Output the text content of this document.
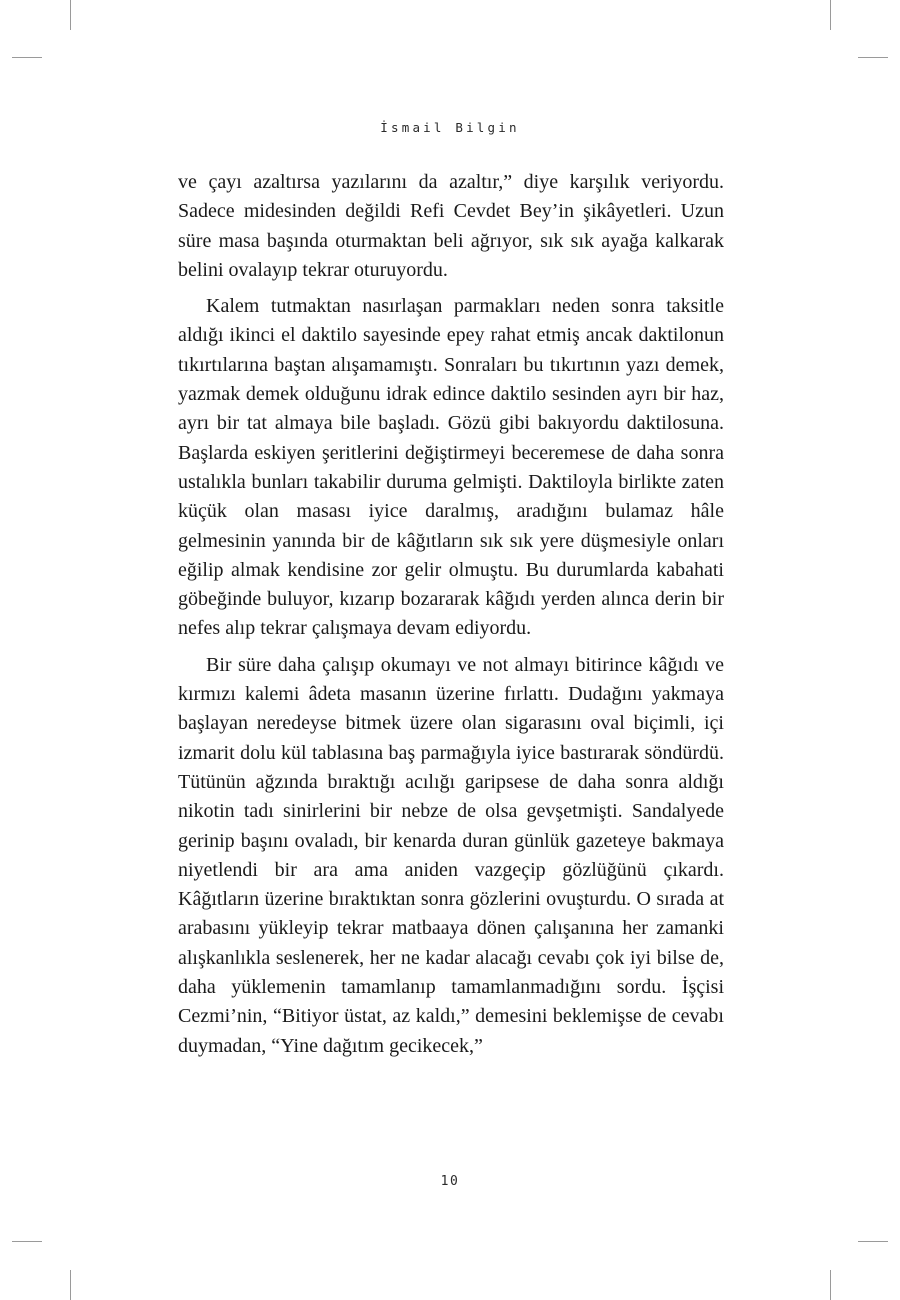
İsmail Bilgin

ve çayı azaltırsa yazılarını da azaltır,” diye karşılık veriyordu. Sadece midesinden değildi Refi Cevdet Bey’in şikâyetleri. Uzun süre masa başında oturmaktan beli ağrıyor, sık sık ayağa kalkarak belini ovalayıp tekrar oturuyordu.

Kalem tutmaktan nasırlaşan parmakları neden sonra taksitle aldığı ikinci el daktilo sayesinde epey rahat etmiş ancak daktilonun tıkırtılarına baştan alışamamıştı. Sonraları bu tıkırtının yazı demek, yazmak demek olduğunu idrak edince daktilo sesinden ayrı bir haz, ayrı bir tat almaya bile başladı. Gözü gibi bakıyordu daktilosuna. Başlarda eskiyen şeritlerini değiştirmeyi beceremese de daha sonra ustalıkla bunları takabilir duruma gelmişti. Daktiloyla birlikte zaten küçük olan masası iyice daralmış, aradığını bulamaz hâle gelmesinin yanında bir de kâğıtların sık sık yere düşmesiyle onları eğilip almak kendisine zor gelir olmuştu. Bu durumlarda kabahati göbeğinde buluyor, kızarıp bozararak kâğıdı yerden alınca derin bir nefes alıp tekrar çalışmaya devam ediyordu.

Bir süre daha çalışıp okumayı ve not almayı bitirince kâğıdı ve kırmızı kalemi âdeta masanın üzerine fırlattı. Dudağını yakmaya başlayan neredeyse bitmek üzere olan sigarasını oval biçimli, içi izmarit dolu kül tablasına baş parmağıyla iyice bastırarak söndürdü. Tütünün ağzında bıraktığı acılığı garipsese de daha sonra aldığı nikotin tadı sinirlerini bir nebze de olsa gevşetmişti. Sandalyede gerinip başını ovaladı, bir kenarda duran günlük gazeteye bakmaya niyetlendi bir ara ama aniden vazgeçip gözlüğünü çıkardı. Kâğıtların üzerine bıraktıktan sonra gözlerini ovuşturdu. O sırada at arabasını yükleyip tekrar matbaaya dönen çalışanına her zamanki alışkanlıkla seslenerek, her ne kadar alacağı cevabı çok iyi bilse de, daha yüklemenin tamamlanıp tamamlanmadığını sordu. İşçisi Cezmi’nin, “Bitiyor üstat, az kaldı,” demesini beklemişse de cevabı duymadan, “Yine dağıtım gecikecek,”

10
